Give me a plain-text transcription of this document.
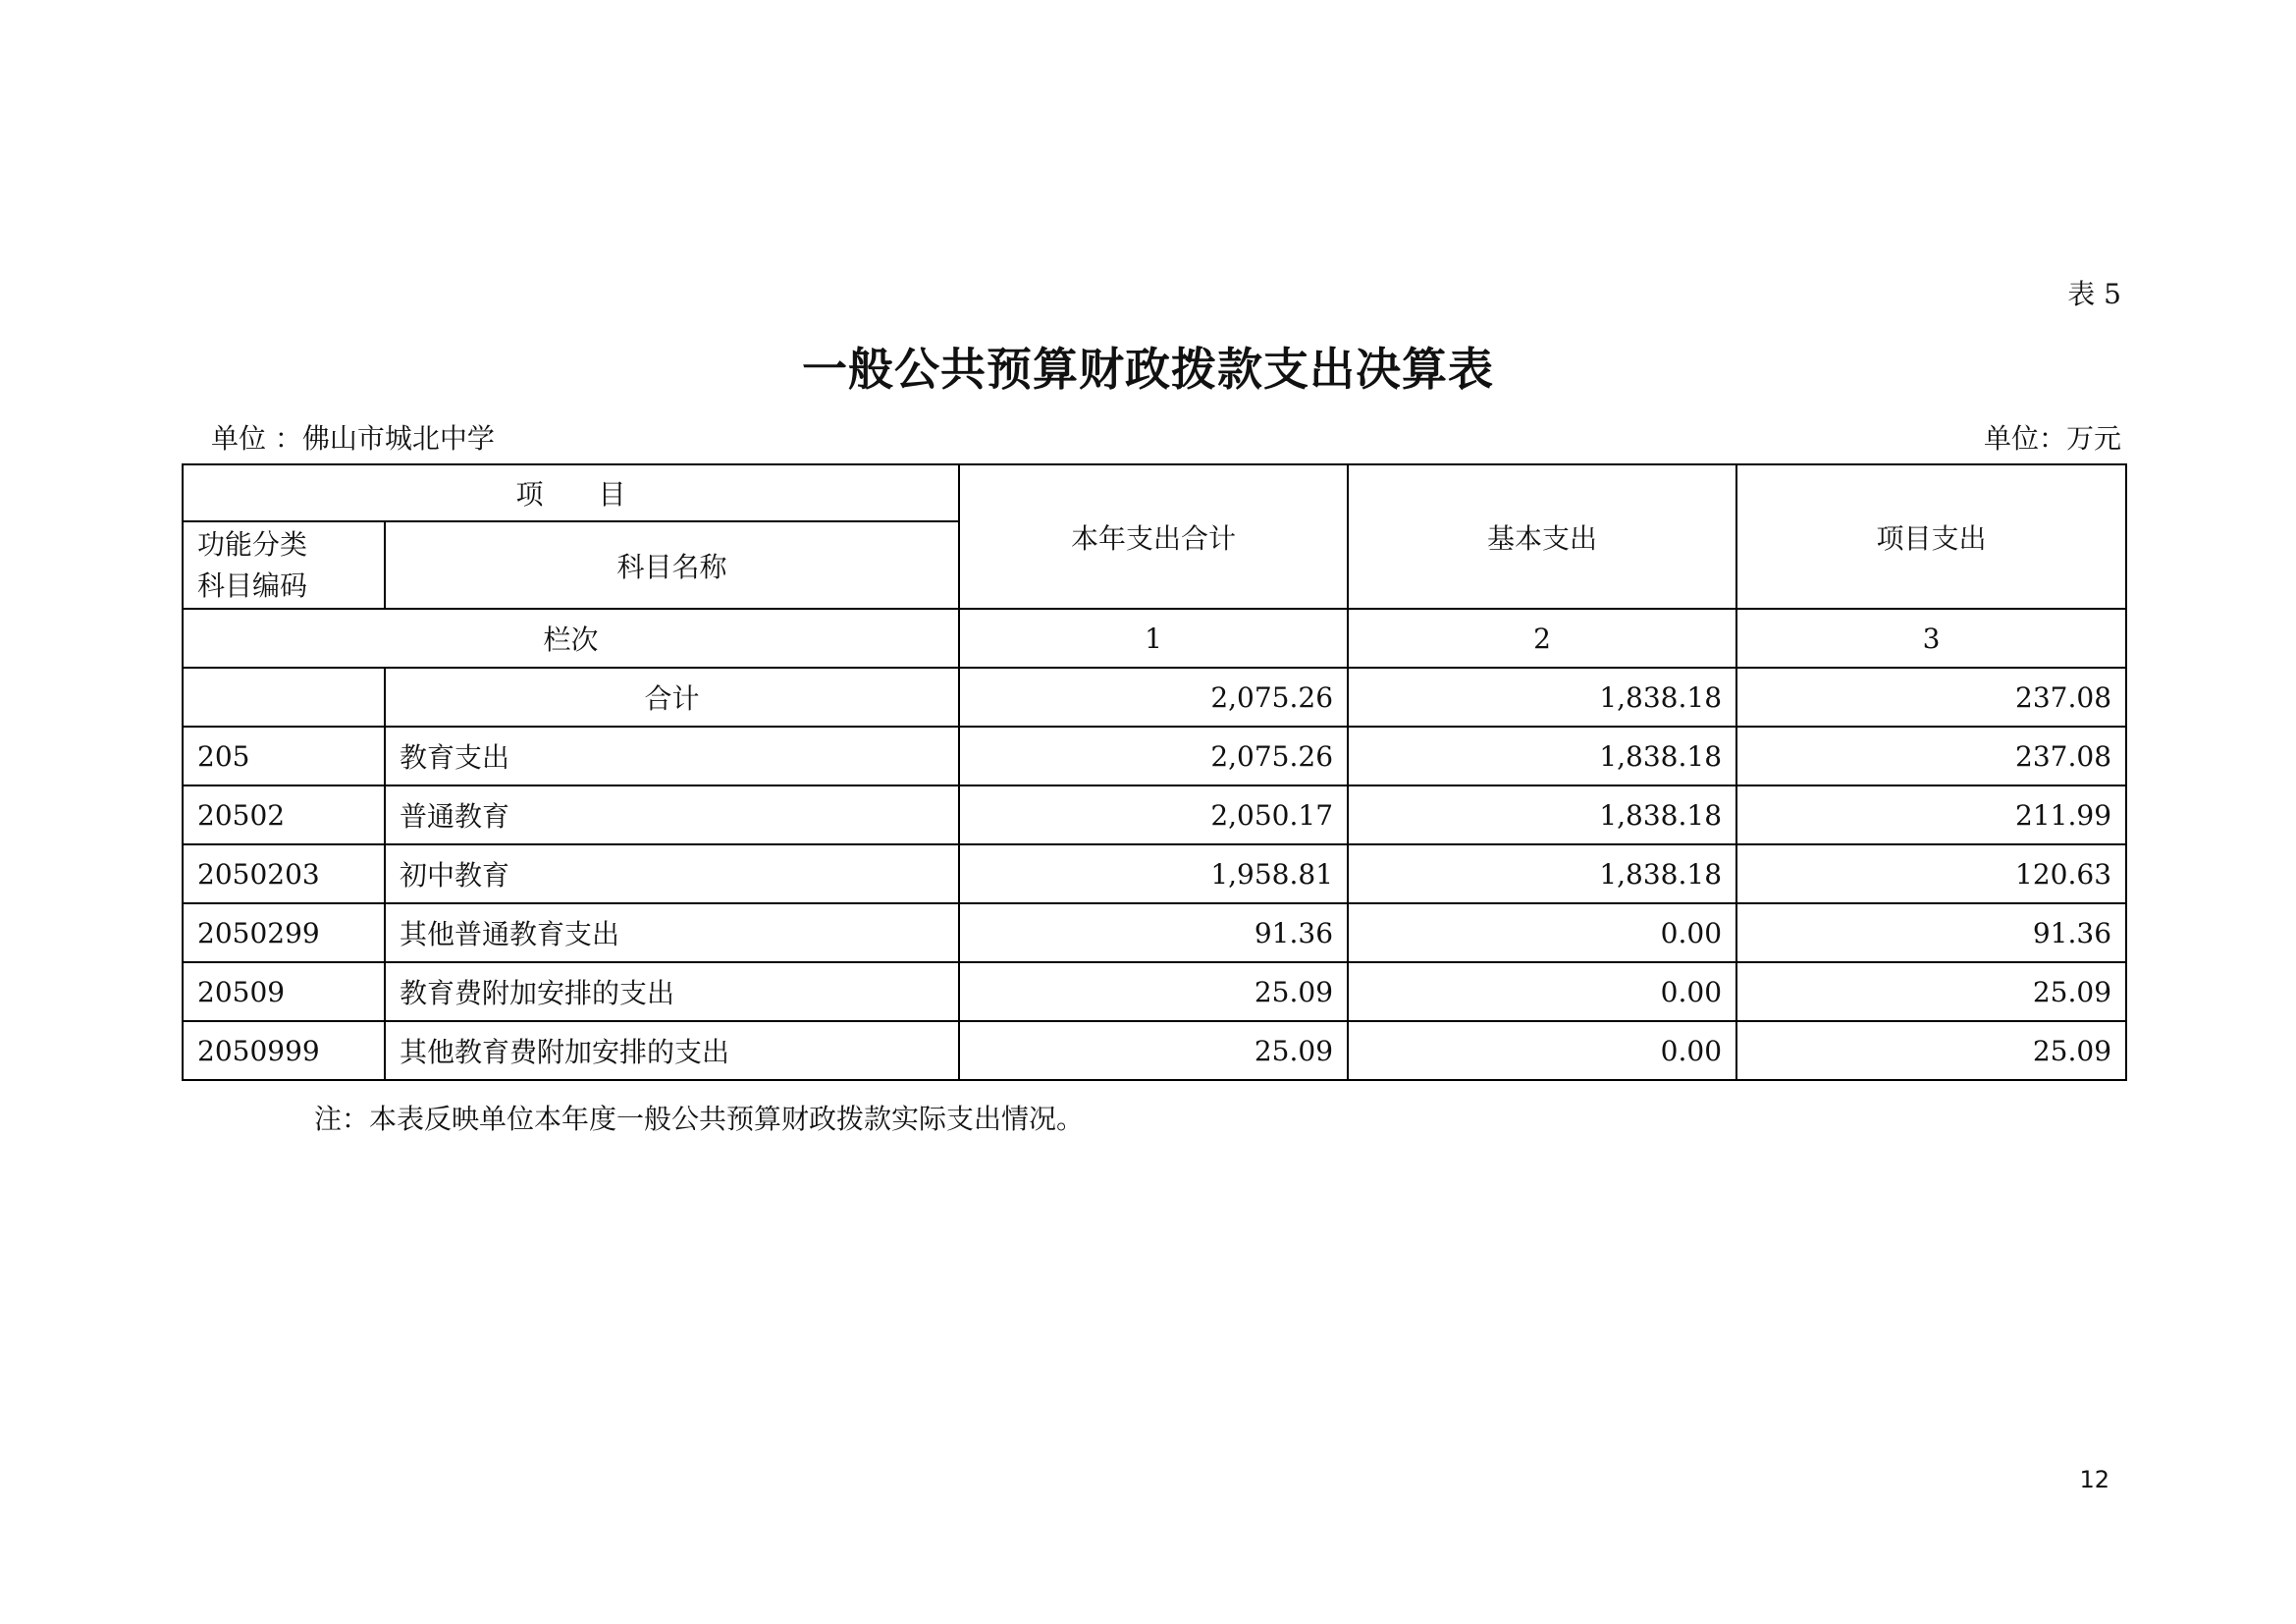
表 5
一般公共预算财政拨款支出决算表
单位 ：佛山市城北中学	单位：万元
项　　目		本年支出合计	基本支出	项目支出

功能分类
科目编码	科目名称			
栏次		1	2	3
	合计	2,075.26	1,838.18	237.08
205	教育支出	2,075.26	1,838.18	237.08
20502	普通教育	2,050.17	1,838.18	211.99
2050203	初中教育	1,958.81	1,838.18	120.63
2050299	其他普通教育支出	91.36	0.00	91.36
20509	教育费附加安排的支出	25.09	0.00	25.09
2050999	其他教育费附加安排的支出	25.09	0.00	25.09
注：本表反映单位本年度一般公共预算财政拨款实际支出情况。
12
